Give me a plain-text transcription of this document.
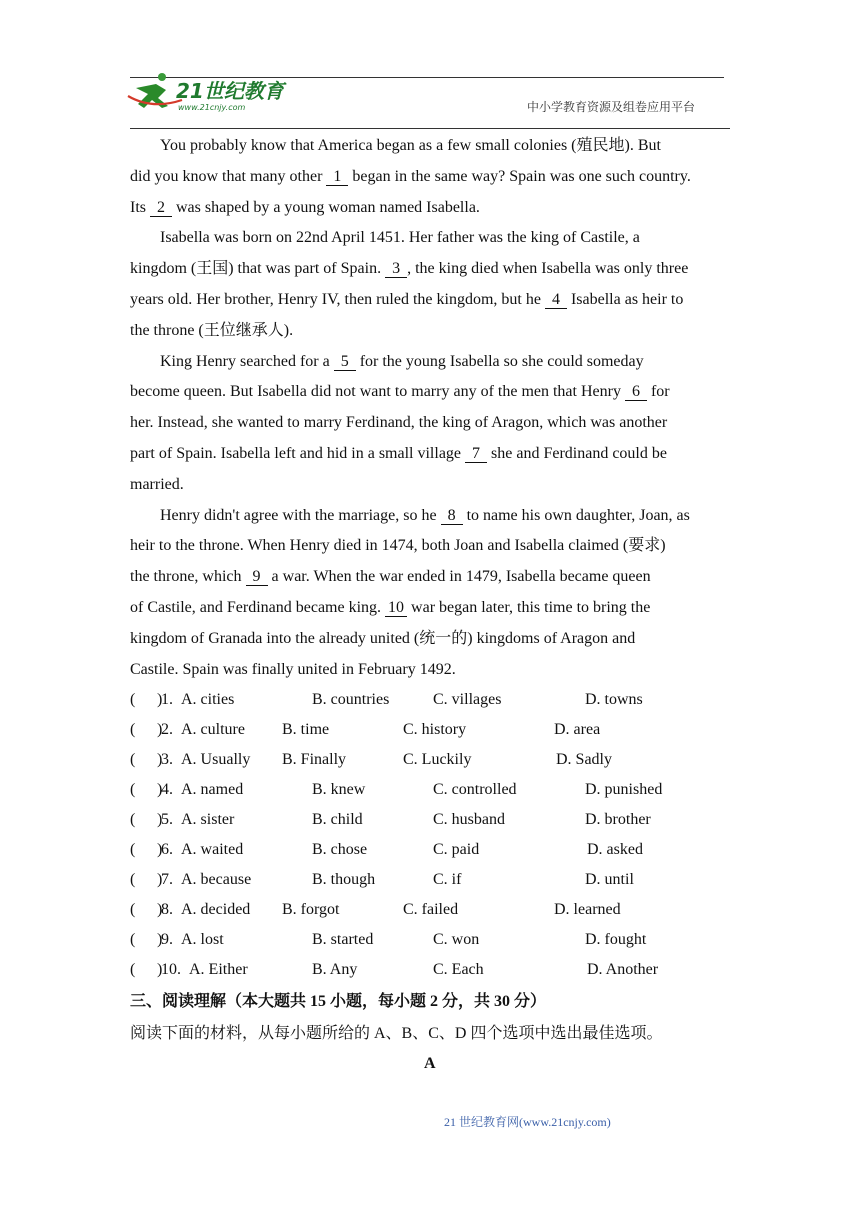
21世纪教育
www.21cnjy.com	中小学教育资源及组卷应用平台
You probably know that America began as a few small colonies (殖民地). But
did you know that many other 1 began in the same way? Spain was one such country.
Its 2 was shaped by a young woman named Isabella.
Isabella was born on 22nd April 1451. Her father was the king of Castile, a
kingdom (王国) that was part of Spain. 3 , the king died when Isabella was only three
years old. Her brother, Henry IV, then ruled the kingdom, but he 4 Isabella as heir to
the throne (王位继承人).
King Henry searched for a 5 for the young Isabella so she could someday
become queen. But Isabella did not want to marry any of the men that Henry 6 for
her. Instead, she wanted to marry Ferdinand, the king of Aragon, which was another
part of Spain. Isabella left and hid in a small village 7 she and Ferdinand could be
married.
Henry didn't agree with the marriage, so he 8 to name his own daughter, Joan, as
heir to the throne. When Henry died in 1474, both Joan and Isabella claimed (要求)
the throne, which 9 a war. When the war ended in 1479, Isabella became queen
of Castile, and Ferdinand became king. 10 war began later, this time to bring the
kingdom of Granada into the already united (统一的) kingdoms of Aragon and
Castile. Spain was finally united in February 1492.
( )
1. A. cities	B. countries	C. villages	D. towns
( )
2. A. culture B. time	C. history	D. area
( )
3. A. Usually B. Finally	C. Luckily	D. Sadly
( )
4. A. named	B. knew	C. controlled	D. punished
( )
5. A. sister	B. child	C. husband	D. brother
( )
6. A. waited	B. chose	C. paid	D. asked
( )
7. A. because	B. though	C. if	D. until
( )
8. A. decided B. forgot	C. failed	D. learned
( )
9. A. lost	B. started	C. won	D. fought
( )
10. A. Either	B. Any	C. Each	D. Another
三、阅读理解（本大题共 15 小题，每小题 2 分，共 30 分）
阅读下面的材料，从每小题所给的 A、B、C、D 四个选项中选出最佳选项。
A
21 世纪教育网(www.21cnjy.com)
